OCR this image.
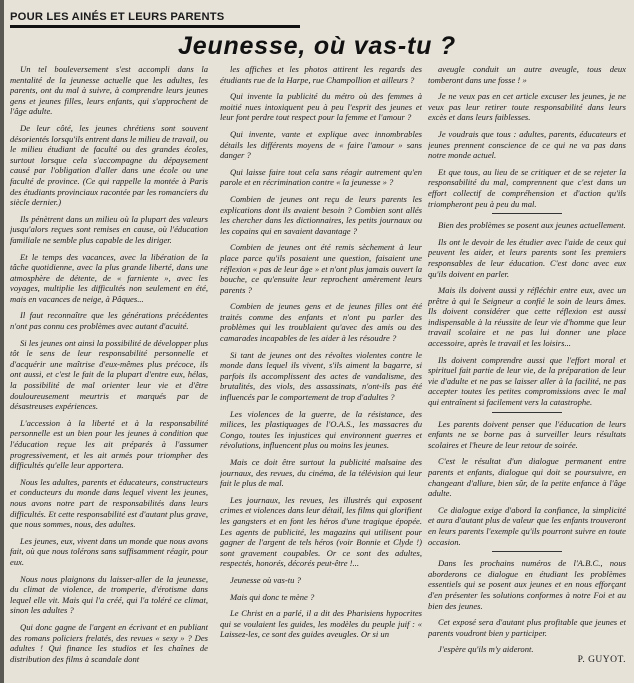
POUR LES AINÉS ET LEURS PARENTS
Jeunesse, où vas-tu ?

Un tel bouleversement s'est accompli dans la mentalité de la jeunesse actuelle que les adultes, les parents, ont du mal à suivre, à comprendre leurs jeunes gens et jeunes filles, leurs enfants, qui s'approchent de l'âge adulte.

De leur côté, les jeunes chrétiens sont souvent désorientés lorsqu'ils entrent dans le milieu de travail, ou le milieu étudiant de faculté ou des grandes écoles, surtout lorsque cela s'accompagne du dépaysement causé par l'obligation d'aller dans une école ou une faculté de province. (Ce qui rappelle la montée à Paris des étudiants provinciaux racontée par les romanciers du siècle dernier.)

Ils pénètrent dans un milieu où la plupart des valeurs jusqu'alors reçues sont remises en cause, où l'éducation familiale ne semble plus capable de les diriger.

Et le temps des vacances, avec la libération de la tâche quotidienne, avec la plus grande liberté, dans une atmosphère de détente, de « farniente », avec les voyages, multiplie les difficultés non seulement en été, mais en vacances de neige, à Pâques...

Il faut reconnaître que les générations précédentes n'ont pas connu ces problèmes avec autant d'acuité.

Si les jeunes ont ainsi la possibilité de développer plus tôt le sens de leur responsabilité personnelle et d'acquérir une maîtrise d'eux-mêmes plus précoce, ils ont aussi, et c'est le fait de la plupart d'entre eux, hélas, la possibilité de mal orienter leur vie et d'être douloureusement meurtris et marqués par de désastreuses expériences.

L'accession à la liberté et à la responsabilité personnelle est un bien pour les jeunes à condition que l'éducation reçue les ait préparés à l'assumer progressivement, et les ait armés pour triompher des difficultés qu'elle leur apportera.

Nous les adultes, parents et éducateurs, constructeurs et conducteurs du monde dans lequel vivent les jeunes, nous avons notre part de responsabilités dans leurs difficultés. Et cette responsabilité est d'autant plus grave, que nous sommes, nous, des adultes.

Les jeunes, eux, vivent dans un monde que nous avons fait, où que nous tolérons sans suffisamment réagir, pour eux.

Nous nous plaignons du laisser-aller de la jeunesse, du climat de violence, de tromperie, d'érotisme dans lequel elle vit. Mais qui l'a créé, qui l'a toléré ce climat, sinon les adultes ?

Qui donc gagne de l'argent en écrivant et en publiant des romans policiers frelatés, des revues « sexy » ? Des adultes ! Qui finance les studios et les chaînes de distribution des films à scandale dont

les affiches et les photos attirent les regards des étudiants rue de la Harpe, rue Champollion et ailleurs ?

Qui invente la publicité du métro où des femmes à moitié nues intoxiquent peu à peu l'esprit des jeunes et leur font perdre tout respect pour la femme et l'amour ?

Qui invente, vante et explique avec innombrables détails les différents moyens de « faire l'amour » sans danger ?

Qui laisse faire tout cela sans réagir autrement qu'en parole et en récrimination contre « la jeunesse » ?

Combien de jeunes ont reçu de leurs parents les explications dont ils avaient besoin ? Combien sont allés les chercher dans les dictionnaires, les petits journaux ou les copains qui en savaient davantage ?

Combien de jeunes ont été remis sèchement à leur place parce qu'ils posaient une question, faisaient une réflexion « pas de leur âge » et n'ont plus jamais ouvert la bouche, ce qu'ensuite leur reprochent amèrement leurs parents ?

Combien de jeunes gens et de jeunes filles ont été traités comme des enfants et n'ont pu parler des problèmes qui les troublaient qu'avec des amis ou des camarades incapables de les aider à les résoudre ?

Si tant de jeunes ont des révoltes violentes contre le monde dans lequel ils vivent, s'ils aiment la bagarre, si parfois ils accomplissent des actes de vandalisme, des brutalités, des viols, des assassinats, n'ont-ils pas été influencés par le comportement de trop d'adultes ?

Les violences de la guerre, de la résistance, des milices, les plastiquages de l'O.A.S., les massacres du Congo, toutes les injustices qui environnent guerres et révolutions, influencent plus ou moins les jeunes.

Mais ce doit être surtout la publicité malsaine des journaux, des revues, du cinéma, de la télévision qui leur fait le plus de mal.

Les journaux, les revues, les illustrés qui exposent crimes et violences dans leur détail, les films qui glorifient les gangsters et en font les héros d'une tragique épopée. Les agents de publicité, les magazins qui utilisent pour gagner de l'argent de tels héros (voir Bonnie et Clyde !) sont gravement coupables. Or ce sont des adultes, respectés, honorés, décorés peut-être !...

Jeunesse où vas-tu ?

Mais qui donc te mène ?

Le Christ en a parlé, il a dit des Pharisiens hypocrites qui se voulaient les guides, les modèles du peuple juif : « Laissez-les, ce sont des guides aveugles. Or si un

aveugle conduit un autre aveugle, tous deux tomberont dans une fosse ! »

Je ne veux pas en cet article excuser les jeunes, je ne veux pas leur retirer toute responsabilité dans leurs excès et dans leurs faiblesses.

Je voudrais que tous : adultes, parents, éducateurs et jeunes prennent conscience de ce qui ne va pas dans notre monde actuel.

Et que tous, au lieu de se critiquer et de se rejeter la responsabilité du mal, comprennent que c'est dans un effort collectif de compréhension et d'action qu'ils triompheront peu à peu du mal.

Bien des problèmes se posent aux jeunes actuellement.

Ils ont le devoir de les étudier avec l'aide de ceux qui peuvent les aider, et leurs parents sont les premiers responsables de leur éducation. C'est donc avec eux qu'ils doivent en parler.

Mais ils doivent aussi y réfléchir entre eux, avec un prêtre à qui le Seigneur a confié le soin de leurs âmes. Ils doivent considérer que cette réflexion est aussi indispensable à la réussite de leur vie d'homme que leur travail scolaire et ne pas lui donner une place accessoire, après le travail et les loisirs...

Ils doivent comprendre aussi que l'effort moral et spirituel fait partie de leur vie, de la préparation de leur vie d'adulte et ne pas se laisser aller à la facilité, ne pas accepter toutes les petites compromissions avec le mal qui entraînent si facilement vers la catastrophe.

Les parents doivent penser que l'éducation de leurs enfants ne se borne pas à surveiller leurs résultats scolaires et l'heure de leur retour de soirée.

C'est le résultat d'un dialogue permanent entre parents et enfants, dialogue qui doit se poursuivre, en changeant d'allure, bien sûr, de la petite enfance à l'âge adulte.

Ce dialogue exige d'abord la confiance, la simplicité et aura d'autant plus de valeur que les enfants trouveront en leurs parents l'exemple qu'ils pourront suivre en toute occasion.

Dans les prochains numéros de l'A.B.C., nous aborderons ce dialogue en étudiant les problèmes essentiels qui se posent aux jeunes et en nous efforçant d'en présenter les solutions conformes à notre Foi et au bien des jeunes.

Cet exposé sera d'autant plus profitable que jeunes et parents voudront bien y participer.

J'espère qu'ils m'y aideront.

P. GUYOT.
